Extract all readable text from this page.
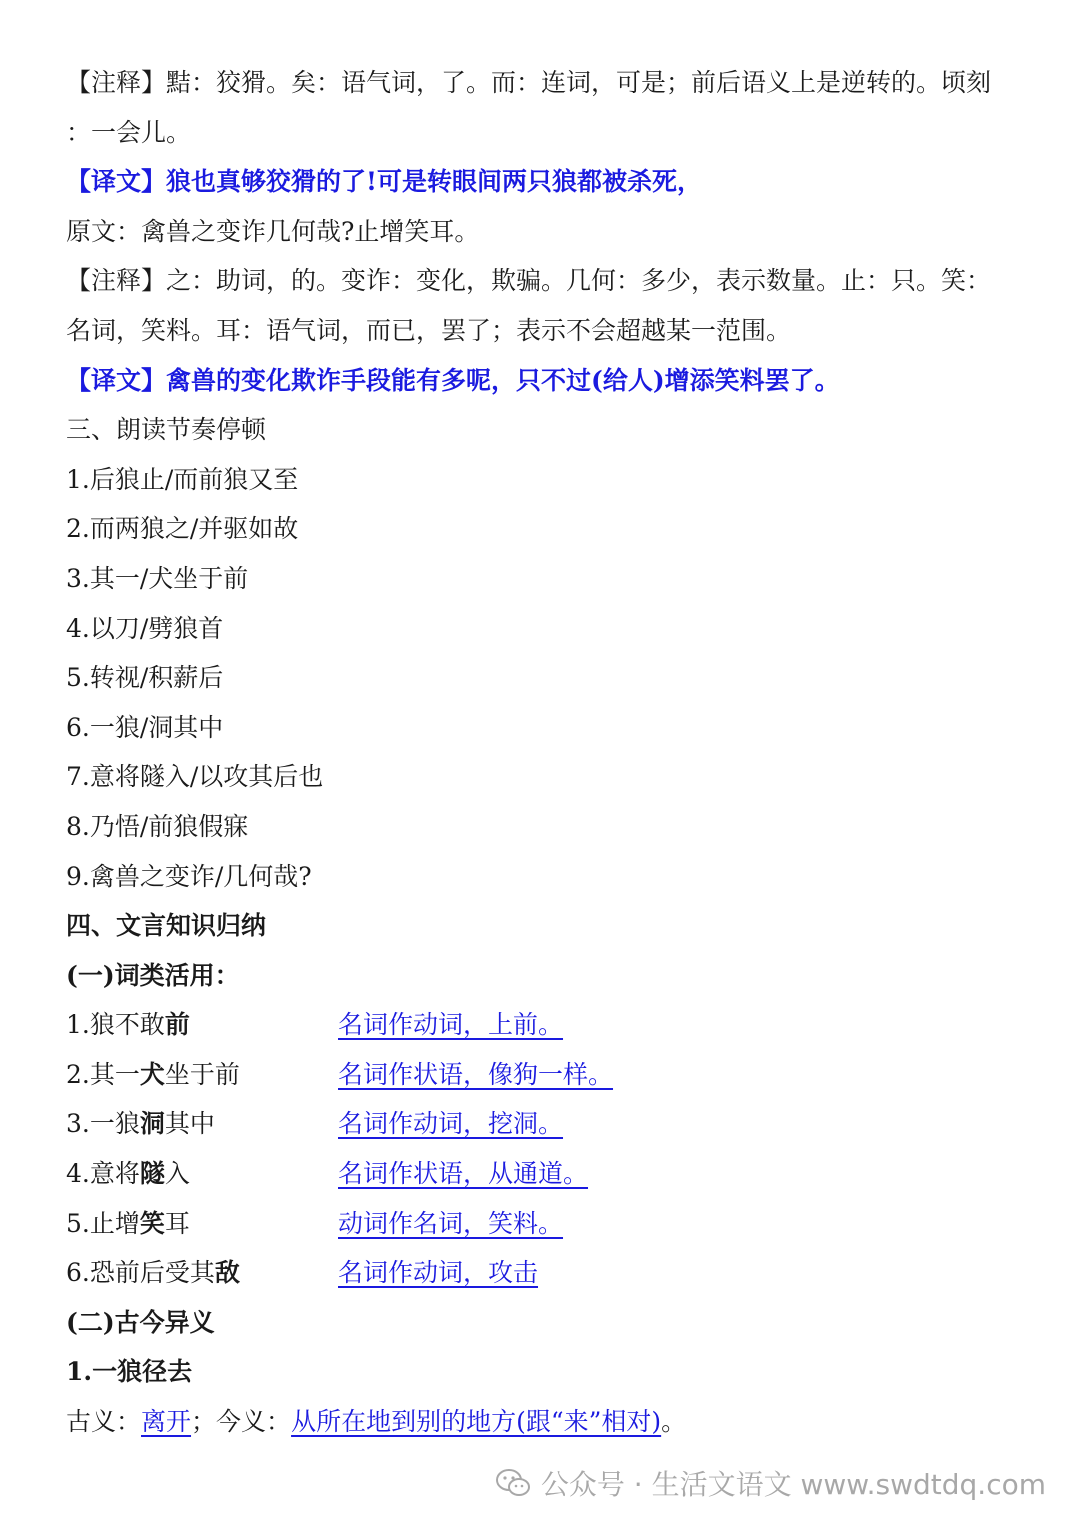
【注释】黠：狡猾。矣：语气词，了。而：连词，可是；前后语义上是逆转的。顷刻
：一会儿。
【译文】狼也真够狡猾的了!可是转眼间两只狼都被杀死，
原文：禽兽之变诈几何哉?止增笑耳。
【注释】之：助词，的。变诈：变化，欺骗。几何：多少，表示数量。止：只。笑：
名词，笑料。耳：语气词，而已，罢了；表示不会超越某一范围。
【译文】禽兽的变化欺诈手段能有多呢，只不过(给人)增添笑料罢了。
三、朗读节奏停顿
1.后狼止/而前狼又至
2.而两狼之/并驱如故
3.其一/犬坐于前
4.以刀/劈狼首
5.转视/积薪后
6.一狼/洞其中
7.意将隧入/以攻其后也
8.乃悟/前狼假寐
9.禽兽之变诈/几何哉?
四、文言知识归纳
(一)词类活用：
1.狼不敢前	名词作动词，上前。
2.其一犬坐于前	名词作状语，像狗一样。
3.一狼洞其中	名词作动词，挖洞。
4.意将隧入	名词作状语，从通道。
5.止增笑耳	动词作名词，笑料。
6.恐前后受其敌	名词作动词，攻击
(二)古今异义
1.一狼径去
古义：离开；今义：从所在地到别的地方(跟“来”相对)。
公众号 · 生活文语文 www.swdtdq.com
